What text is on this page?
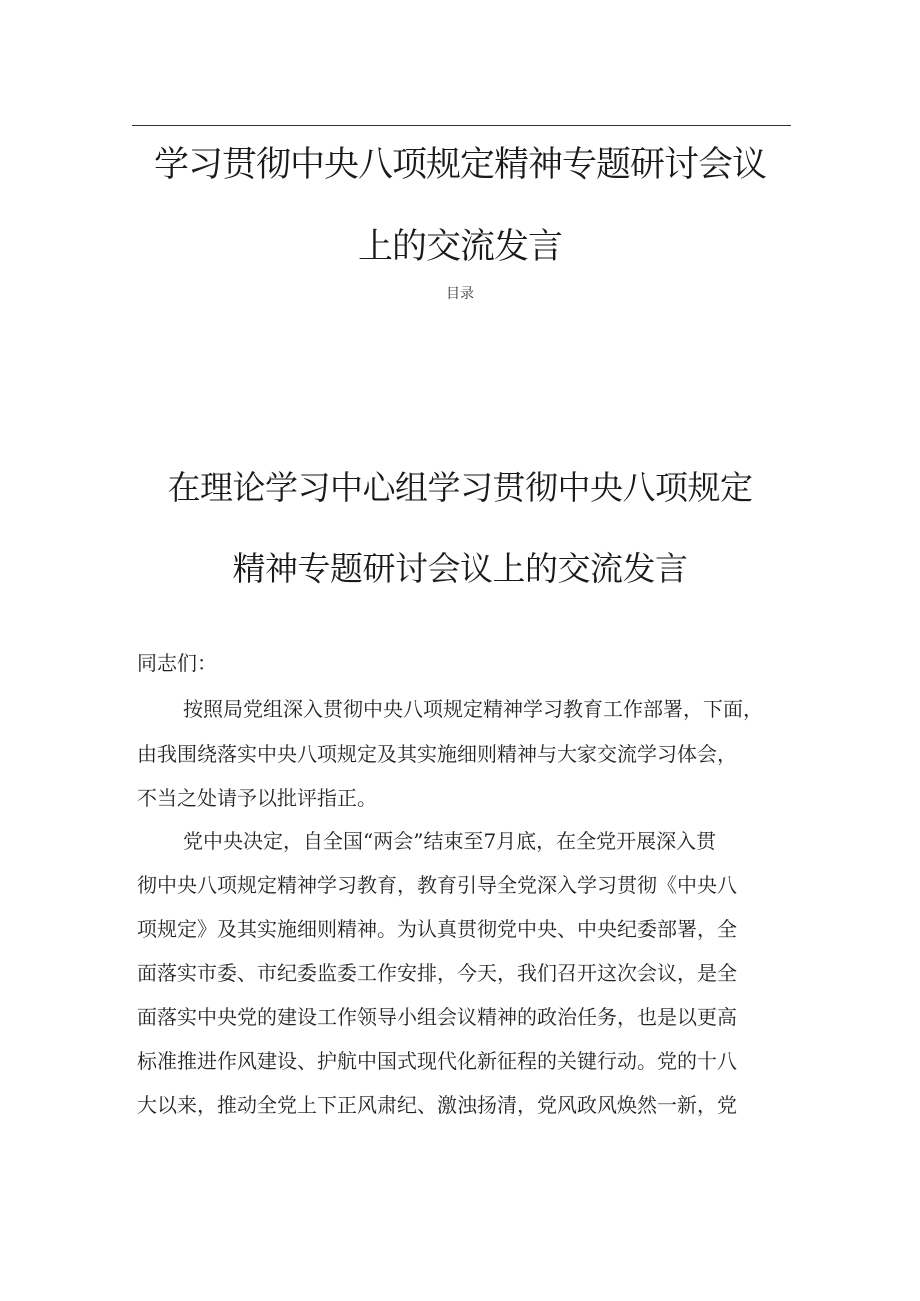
学习贯彻中央八项规定精神专题研讨会议
上的交流发言
目录
在理论学习中心组学习贯彻中央八项规定
精神专题研讨会议上的交流发言
同志们：
按照局党组深入贯彻中央八项规定精神学习教育工作部署，下面，
由我围绕落实中央八项规定及其实施细则精神与大家交流学习体会，
不当之处请予以批评指正。
党中央决定，自全国“两会”结束至7月底，在全党开展深入贯
彻中央八项规定精神学习教育，教育引导全党深入学习贯彻《中央八
项规定》及其实施细则精神。为认真贯彻党中央、中央纪委部署，全
面落实市委、市纪委监委工作安排，今天，我们召开这次会议，是全
面落实中央党的建设工作领导小组会议精神的政治任务，也是以更高
标准推进作风建设、护航中国式现代化新征程的关键行动。党的十八
大以来，推动全党上下正风肃纪、激浊扬清，党风政风焕然一新，党
